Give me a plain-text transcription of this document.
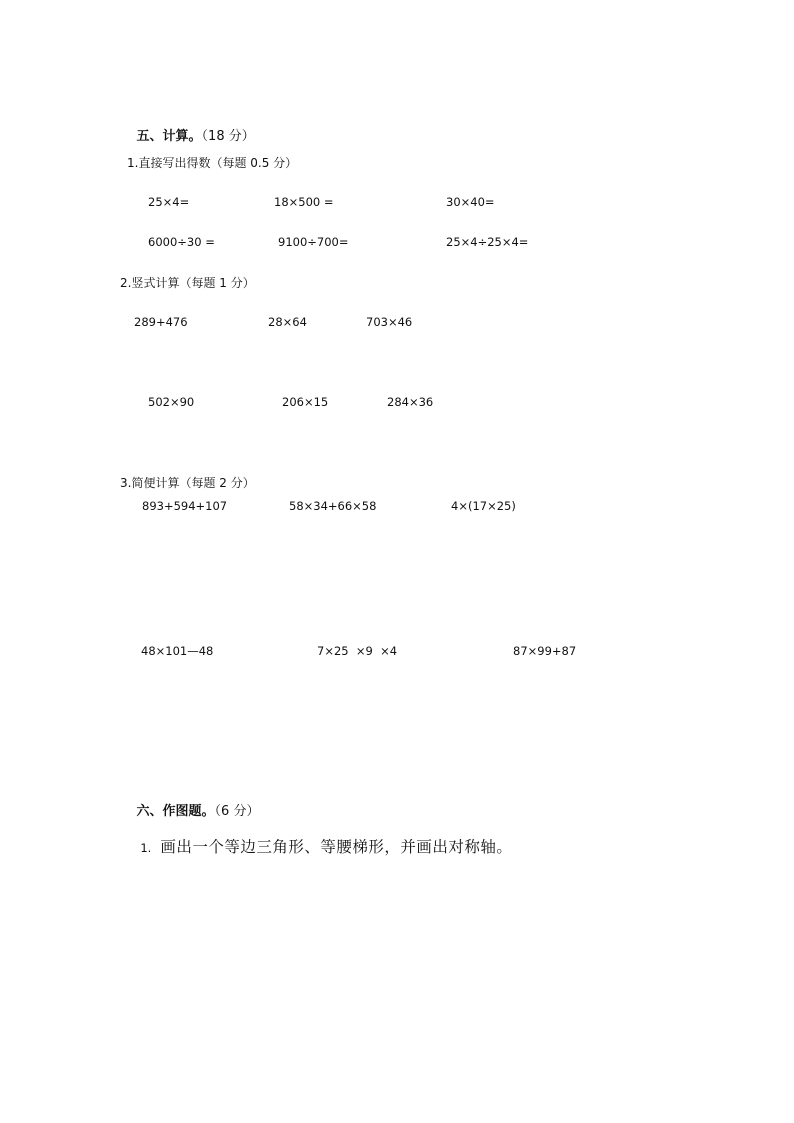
五、计算。（18 分）

1.直接写出得数（每题 0.5 分）
25×4=	18×500 =	30×40=
6000÷30 =	9100÷700=	25×4÷25×4=
2.竖式计算（每题 1 分）
289+476	28×64	703×46
502×90	206×15	284×36
3.简便计算（每题 2 分）
893+594+107	58×34+66×58	4×(17×25)
48×101—48	7×25  ×9  ×4	87×99+87

六、作图题。（6 分）

1. 画出一个等边三角形、等腰梯形，并画出对称轴。
